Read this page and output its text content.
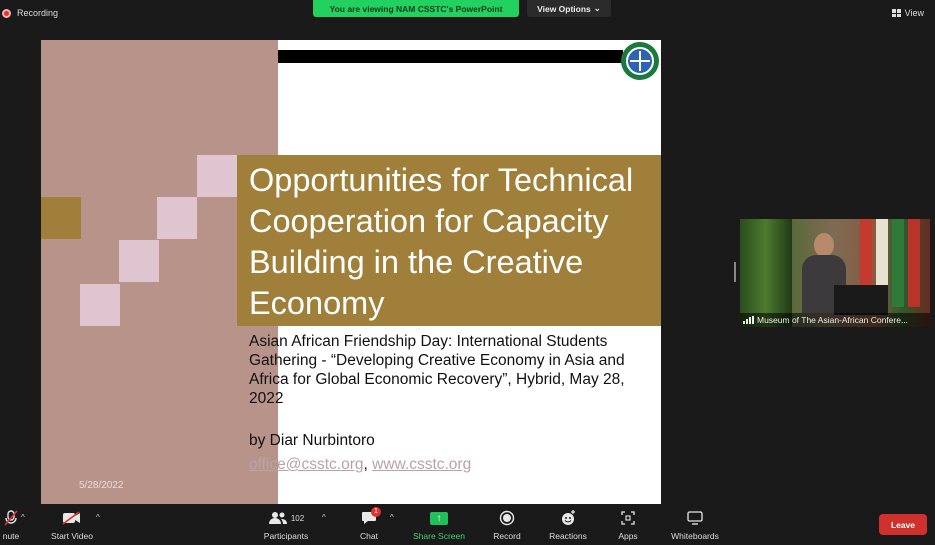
Recording	You are viewing NAM CSSTC's PowerPoint	View Options ⌄	View
Opportunities for Technical Cooperation for Capacity Building in the Creative Economy
Asian African Friendship Day: International Students Gathering - “Developing Creative Economy in Asia and Africa for Global Economic Recovery”, Hybrid, May 28, 2022
by Diar Nurbintoro
office@csstc.org, www.csstc.org
5/28/2022
Museum of The Asian-African Confere...
nute
^
Start Video
^	102
Participants
^
1
Chat
^	↑
Share Screen	Record	Reactions	Apps	Whiteboards
Leave
